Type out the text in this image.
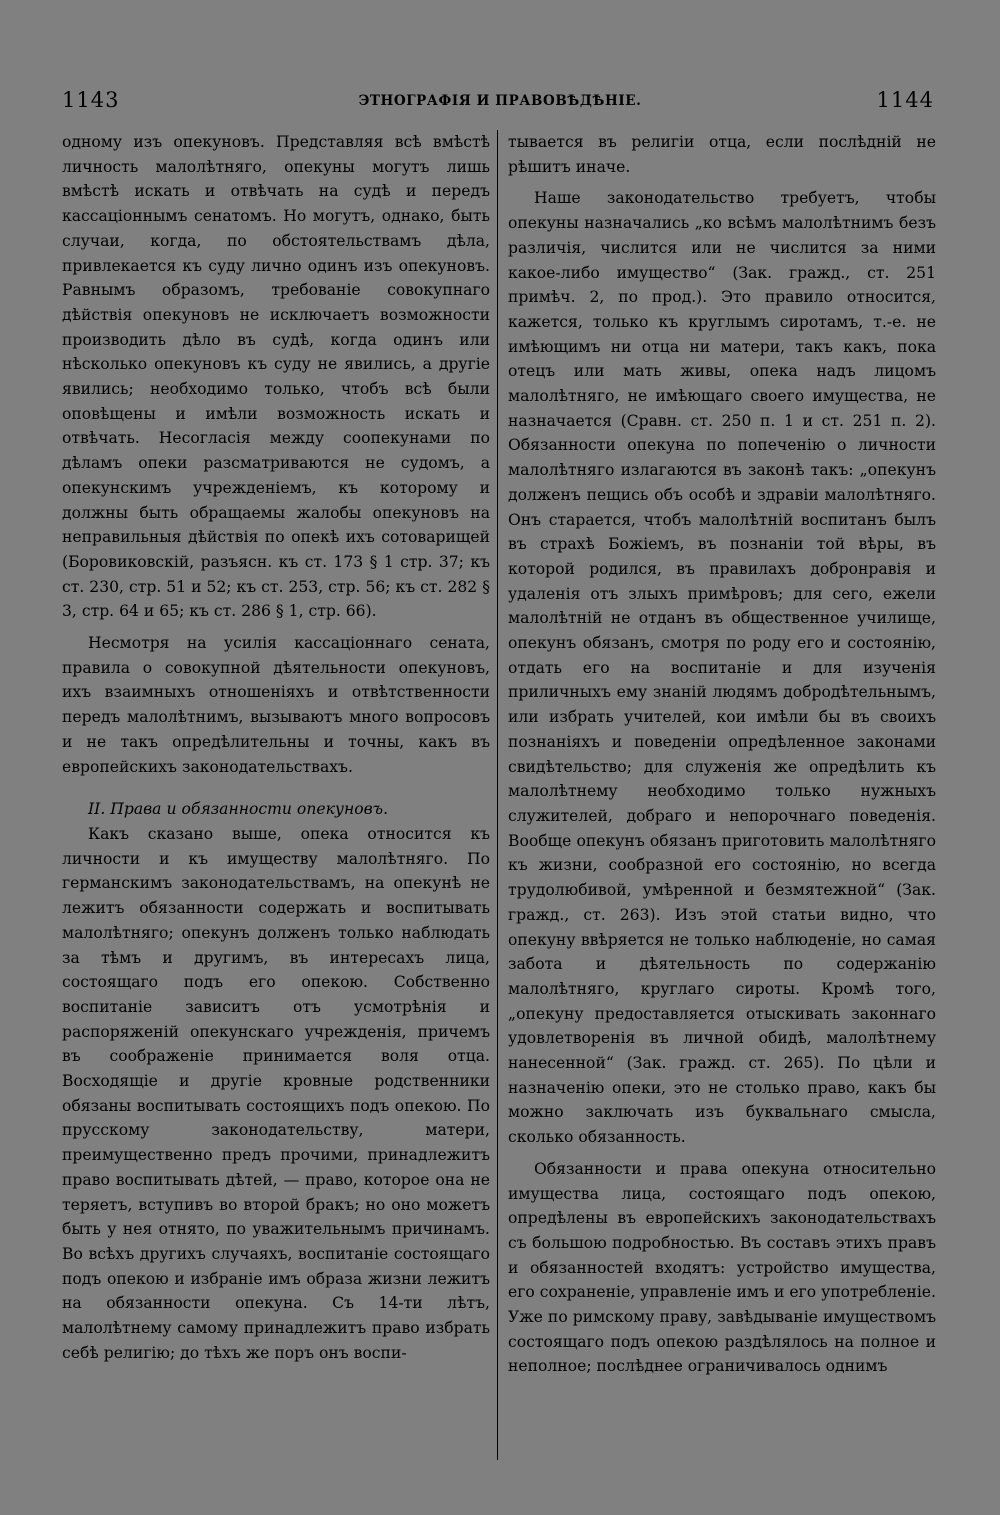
1143	ЭТНОГРАФІЯ И ПРАВОВѢДѢНІЕ.	1144

одному изъ опекуновъ. Представляя всѣ вмѣстѣ личность малолѣтняго, опекуны могутъ лишь вмѣстѣ искать и отвѣчать на судѣ и передъ кассаціоннымъ сенатомъ. Но могутъ, однако, быть случаи, когда, по обстоятельствамъ дѣла, привлекается къ суду лично одинъ изъ опекуновъ. Равнымъ образомъ, требованіе совокупнаго дѣйствія опекуновъ не исключаетъ возможности производить дѣло въ судѣ, когда одинъ или нѣсколько опекуновъ къ суду не явились, а другіе явились; необходимо только, чтобъ всѣ были оповѣщены и имѣли возможность искать и отвѣчать. Несогласія между соопекунами по дѣламъ опеки разсматриваются не судомъ, а опекунскимъ учрежденіемъ, къ которому и должны быть обращаемы жалобы опекуновъ на неправильныя дѣйствія по опекѣ ихъ сотоварищей (Боровиковскій, разъясн. къ ст. 173 § 1 стр. 37; къ ст. 230, стр. 51 и 52; къ ст. 253, стр. 56; къ ст. 282 § 3, стр. 64 и 65; къ ст. 286 § 1, стр. 66).

Несмотря на усилія кассаціоннаго сената, правила о совокупной дѣятельности опекуновъ, ихъ взаимныхъ отношеніяхъ и отвѣтственности передъ малолѣтнимъ, вызываютъ много вопросовъ и не такъ опредѣлительны и точны, какъ въ европейскихъ законодательствахъ.

II. Права и обязанности опекуновъ.

Какъ сказано выше, опека относится къ личности и къ имуществу малолѣтняго. По германскимъ законодательствамъ, на опекунѣ не лежитъ обязанности содержать и воспитывать малолѣтняго; опекунъ долженъ только наблюдать за тѣмъ и другимъ, въ интересахъ лица, состоящаго подъ его опекою. Собственно воспитаніе зависитъ отъ усмотрѣнія и распоряженій опекунскаго учрежденія, причемъ въ соображеніе принимается воля отца. Восходящіе и другіе кровные родственники обязаны воспитывать состоящихъ подъ опекою. По прусскому законодательству, матери, преимущественно предъ прочими, принадлежитъ право воспитывать дѣтей, — право, которое она не теряетъ, вступивъ во второй бракъ; но оно можетъ быть у нея отнято, по уважительнымъ причинамъ. Во всѣхъ другихъ случаяхъ, воспитаніе состоящаго подъ опекою и избраніе имъ образа жизни лежитъ на обязанности опекуна. Съ 14-ти лѣтъ, малолѣтнему самому принадлежитъ право избрать себѣ религію; до тѣхъ же поръ онъ воспи-

тывается въ религіи отца, если послѣдній не рѣшитъ иначе.

Наше законодательство требуетъ, чтобы опекуны назначались „ко всѣмъ малолѣтнимъ безъ различія, числится или не числится за ними какое-либо имущество“ (Зак. гражд., ст. 251 примѣч. 2, по прод.). Это правило относится, кажется, только къ круглымъ сиротамъ, т.-е. не имѣющимъ ни отца ни матери, такъ какъ, пока отецъ или мать живы, опека надъ лицомъ малолѣтняго, не имѣющаго своего имущества, не назначается (Сравн. ст. 250 п. 1 и ст. 251 п. 2). Обязанности опекуна по попеченію о личности малолѣтняго излагаются въ законѣ такъ: „опекунъ долженъ пещись объ особѣ и здравіи малолѣтняго. Онъ старается, чтобъ малолѣтній воспитанъ былъ въ страхѣ Божіемъ, въ познаніи той вѣры, въ которой родился, въ правилахъ добронравія и удаленія отъ злыхъ примѣровъ; для сего, ежели малолѣтній не отданъ въ общественное училище, опекунъ обязанъ, смотря по роду его и состоянію, отдать его на воспитаніе и для изученія приличныхъ ему знаній людямъ добродѣтельнымъ, или избрать учителей, кои имѣли бы въ своихъ познаніяхъ и поведеніи опредѣленное законами свидѣтельство; для служенія же опредѣлить къ малолѣтнему необходимо только нужныхъ служителей, добраго и непорочнаго поведенія. Вообще опекунъ обязанъ приготовить малолѣтняго къ жизни, сообразной его состоянію, но всегда трудолюбивой, умѣренной и безмятежной“ (Зак. гражд., ст. 263). Изъ этой статьи видно, что опекуну ввѣряется не только наблюденіе, но самая забота и дѣятельность по содержанію малолѣтняго, круглаго сироты. Кромѣ того, „опекуну предоставляется отыскивать законнаго удовлетворенія въ личной обидѣ, малолѣтнему нанесенной“ (Зак. гражд. ст. 265). По цѣли и назначенію опеки, это не столько право, какъ бы можно заключать изъ буквальнаго смысла, сколько обязанность.

Обязанности и права опекуна относительно имущества лица, состоящаго подъ опекою, опредѣлены въ европейскихъ законодательствахъ съ большою подробностью. Въ составъ этихъ правъ и обязанностей входятъ: устройство имущества, его сохраненіе, управленіе имъ и его употребленіе. Уже по римскому праву, завѣдываніе имуществомъ состоящаго подъ опекою раздѣлялось на полное и неполное; послѣднее ограничивалось однимъ
